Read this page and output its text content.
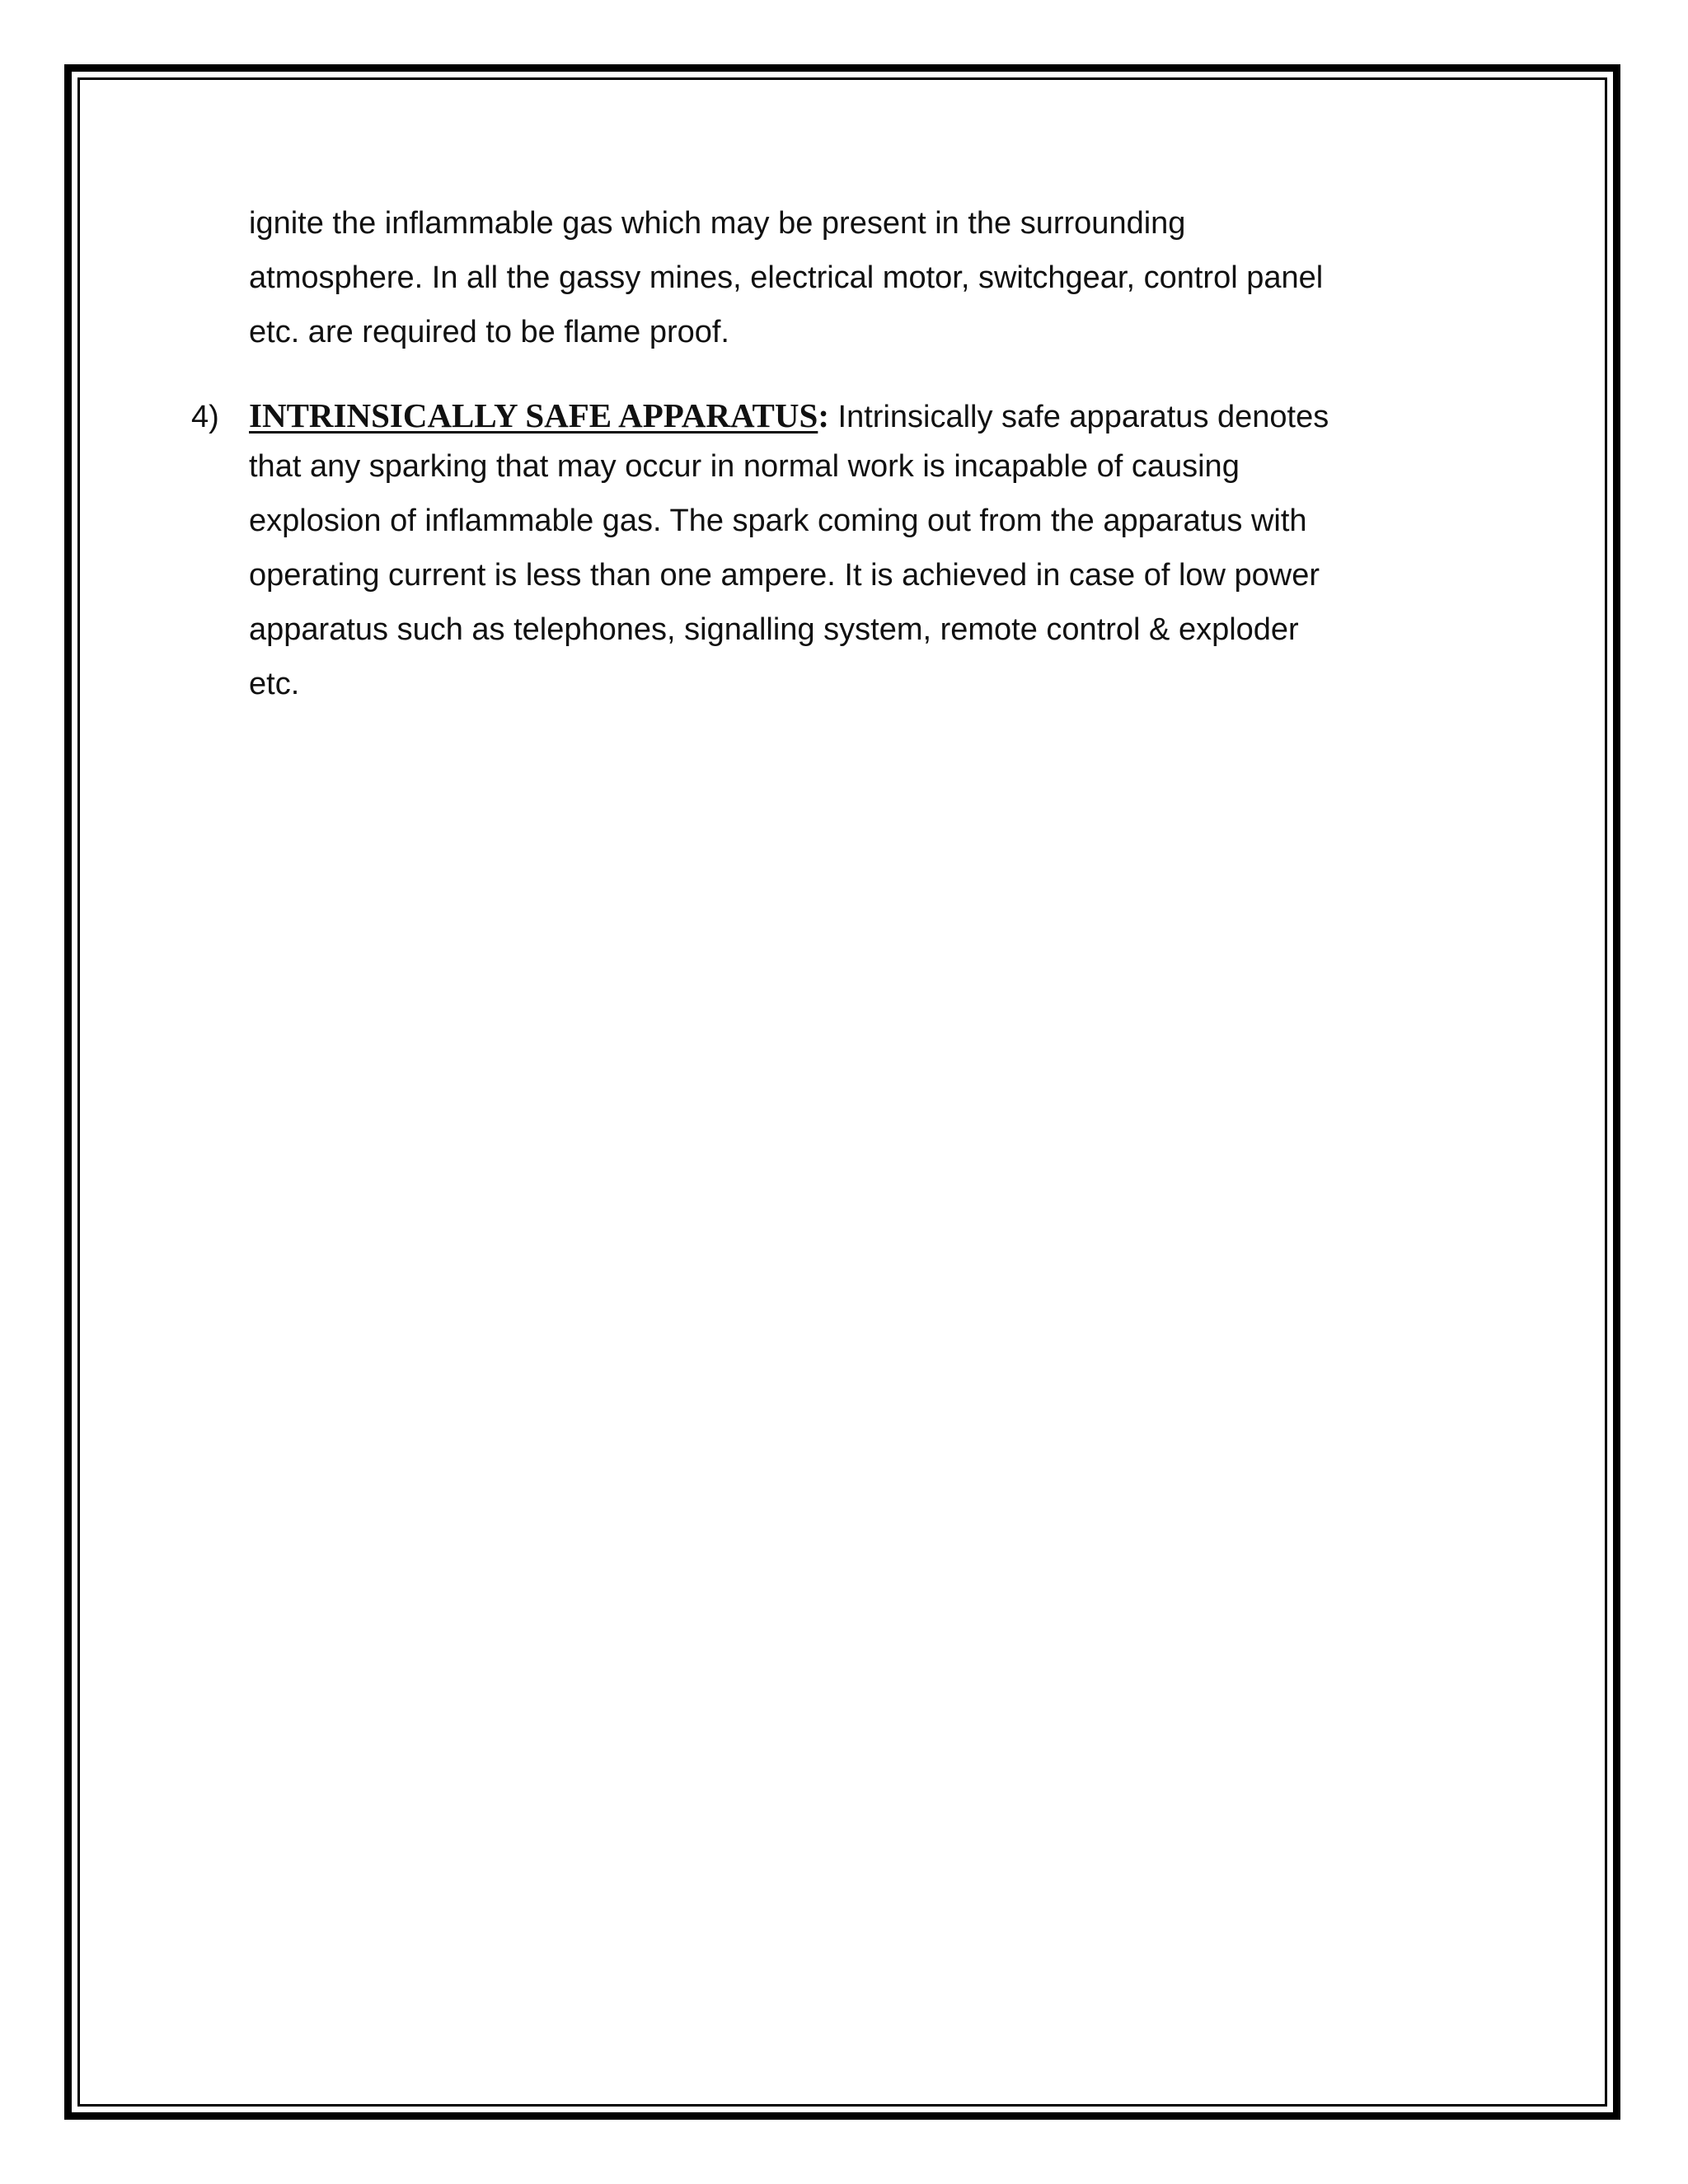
ignite the inflammable gas which may be present in the surrounding
atmosphere. In all the gassy mines, electrical motor, switchgear, control panel
etc. are required to be flame proof.
4) INTRINSICALLY SAFE APPARATUS: Intrinsically safe apparatus denotes
that any sparking that may occur in normal work is incapable of causing
explosion of inflammable gas. The spark coming out from the apparatus with
operating current is less than one ampere. It is achieved in case of low power
apparatus such as telephones, signalling system, remote control & exploder
etc.
